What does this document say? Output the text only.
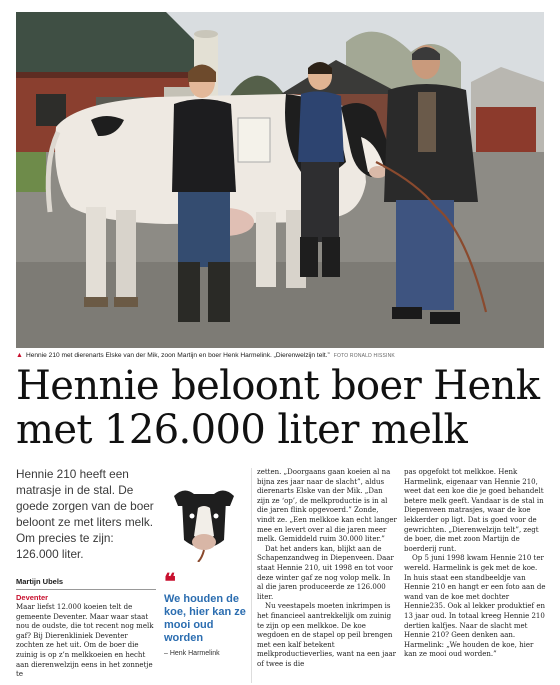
▲ Hennie 210 met dierenarts Elske van der Mik, zoon Martijn en boer Henk Harmelink. „Dierenwelzijn telt.” FOTO RONALD HISSINK
Hennie beloont boer Henk
met 126.000 liter melk

Hennie 210 heeft een matrasje in de stal. De goede zorgen van de boer beloont ze met liters melk. Om precies te zijn: 126.000 liter.

Martijn Ubels
Deventer

Maar liefst 12.000 koeien telt de gemeente Deventer. Maar waar staat nou de oudste, die tot recent nog melk gaf? Bij Dierenkliniek Deventer zochten ze het uit. Om de boer die zuinig is op z’n melkkoeien en hecht aan dierenwelzijn eens in het zonnetje te

❝
We houden de koe, hier kan ze mooi oud worden
– Henk Harmelink

zetten. „Doorgaans gaan koeien al na bijna zes jaar naar de slacht”, aldus dierenarts Elske van der Mik. „Dan zijn ze ‘op’, de melkproductie is in al die jaren flink opgevoerd.” Zonde, vindt ze. „Een melkkoe kan echt langer mee en levert over al die jaren meer melk. Gemiddeld ruim 30.000 liter.”

Dat het anders kan, blijkt aan de Schapenzandweg in Diepenveen. Daar staat Hennie 210, uit 1998 en tot voor deze winter gaf ze nog volop melk. In al die jaren produceerde ze 126.000 liter.

Nu veestapels moeten inkrimpen is het financieel aantrekkelijk om zuinig te zijn op een melkkoe. De koe wegdoen en de stapel op peil brengen met een kalf betekent melkproductieverlies, want na een jaar of twee is die

pas opgefokt tot melkkoe. Henk Harmelink, eigenaar van Hennie 210, weet dat een koe die je goed behandelt betere melk geeft. Vandaar is de stal in Diepenveen matrasjes, waar de koe lekkerder op ligt. Dat is goed voor de gewrichten. „Dierenwelzijn telt”, zegt de boer, die met zoon Martijn de boerderij runt.

Op 5 juni 1998 kwam Hennie 210 ter wereld. Harmelink is gek met de koe. In huis staat een standbeeldje van Hennie 210 en hangt er een foto aan de wand van de koe met dochter Hennie235. Ook al lekker produktief en 13 jaar oud. In totaal kreeg Hennie 210 dertien kalfjes. Naar de slacht met Hennie 210? Geen denken aan. Harmelink: „We houden de koe, hier kan ze mooi oud worden.”
